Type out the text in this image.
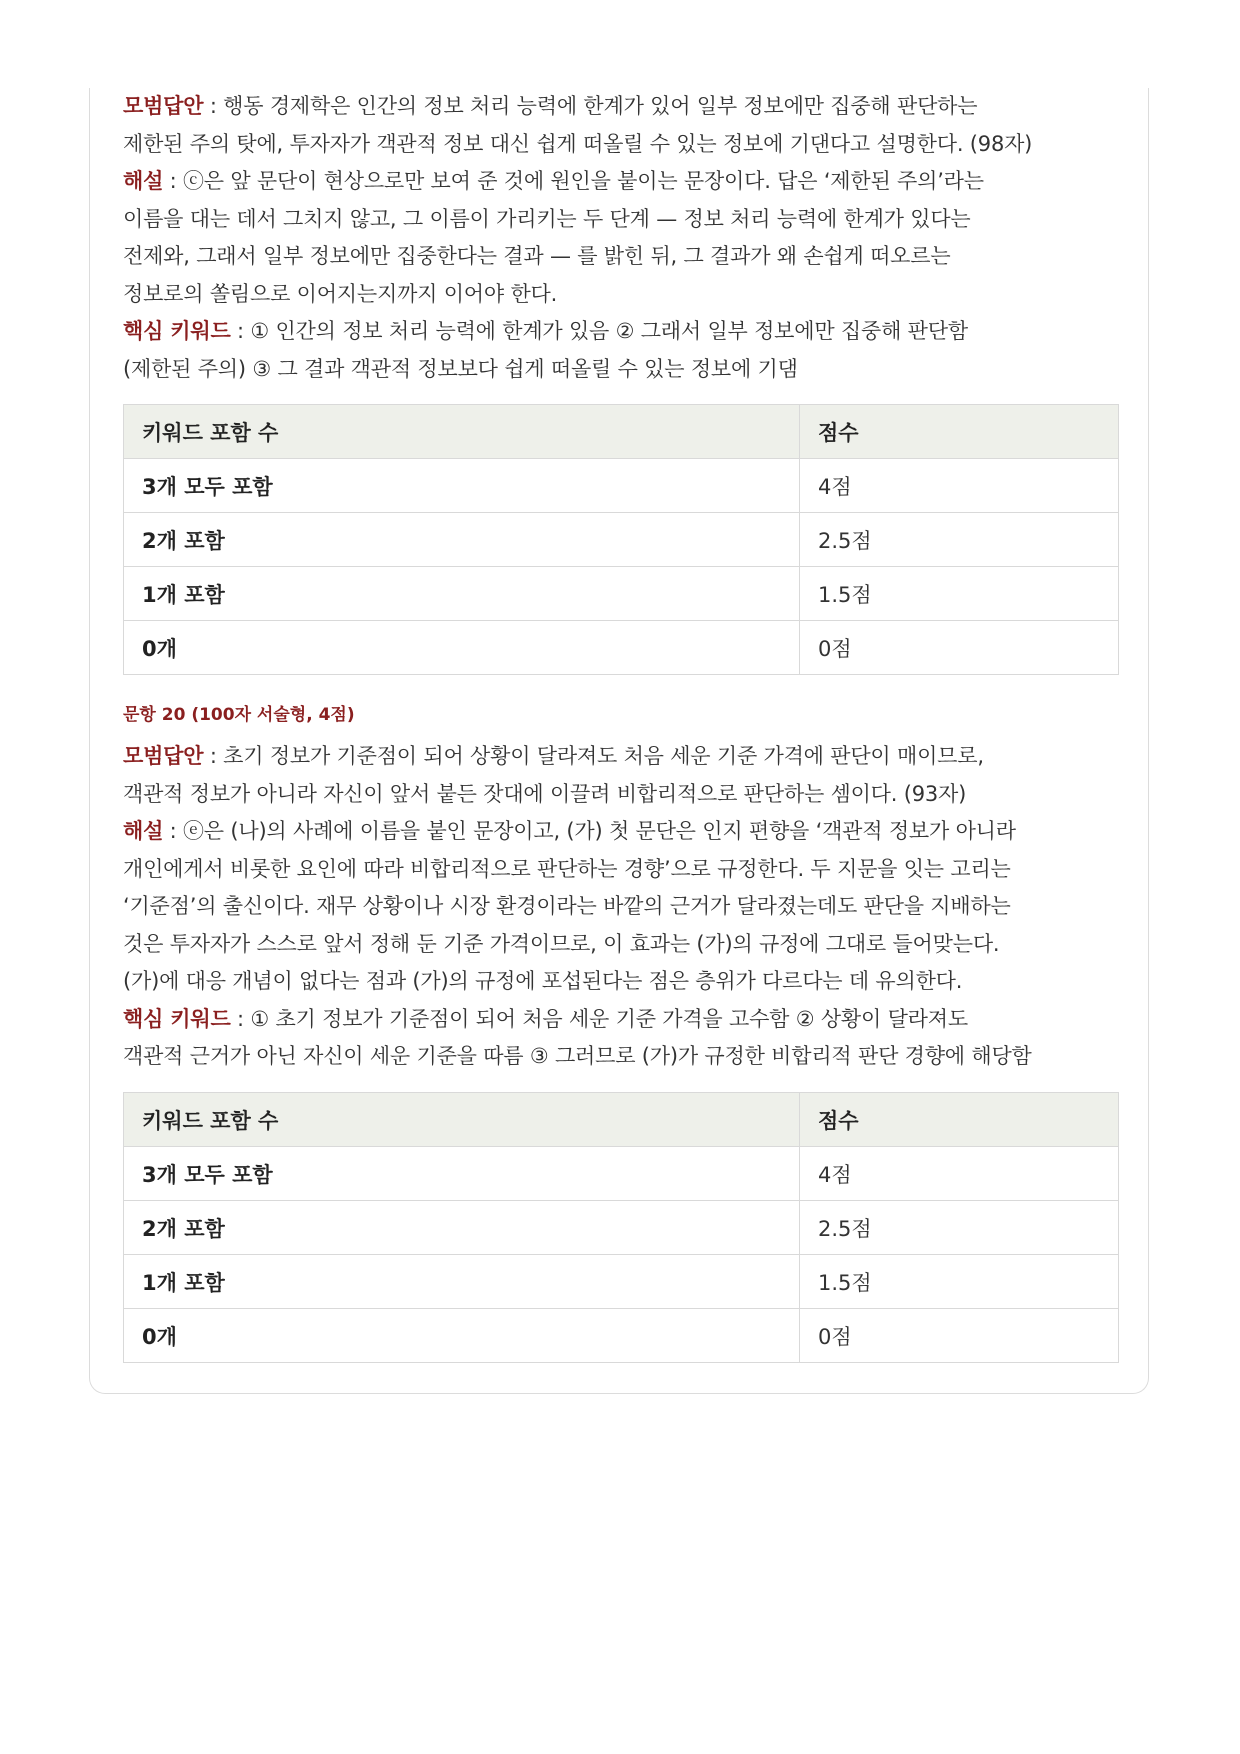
모범답안 : 행동 경제학은 인간의 정보 처리 능력에 한계가 있어 일부 정보에만 집중해 판단하는
제한된 주의 탓에, 투자자가 객관적 정보 대신 쉽게 떠올릴 수 있는 정보에 기댄다고 설명한다. (98자)

해설 : ⓒ은 앞 문단이 현상으로만 보여 준 것에 원인을 붙이는 문장이다. 답은 ‘제한된 주의’라는
이름을 대는 데서 그치지 않고, 그 이름이 가리키는 두 단계 — 정보 처리 능력에 한계가 있다는
전제와, 그래서 일부 정보에만 집중한다는 결과 — 를 밝힌 뒤, 그 결과가 왜 손쉽게 떠오르는
정보로의 쏠림으로 이어지는지까지 이어야 한다.

핵심 키워드 : ① 인간의 정보 처리 능력에 한계가 있음 ② 그래서 일부 정보에만 집중해 판단함
(제한된 주의) ③ 그 결과 객관적 정보보다 쉽게 떠올릴 수 있는 정보에 기댐

키워드 포함 수	점수
3개 모두 포함	4점
2개 포함	2.5점
1개 포함	1.5점
0개	0점

문항 20 (100자 서술형, 4점)

모범답안 : 초기 정보가 기준점이 되어 상황이 달라져도 처음 세운 기준 가격에 판단이 매이므로,
객관적 정보가 아니라 자신이 앞서 붙든 잣대에 이끌려 비합리적으로 판단하는 셈이다. (93자)

해설 : ⓔ은 (나)의 사례에 이름을 붙인 문장이고, (가) 첫 문단은 인지 편향을 ‘객관적 정보가 아니라
개인에게서 비롯한 요인에 따라 비합리적으로 판단하는 경향’으로 규정한다. 두 지문을 잇는 고리는
‘기준점’의 출신이다. 재무 상황이나 시장 환경이라는 바깥의 근거가 달라졌는데도 판단을 지배하는
것은 투자자가 스스로 앞서 정해 둔 기준 가격이므로, 이 효과는 (가)의 규정에 그대로 들어맞는다.
(가)에 대응 개념이 없다는 점과 (가)의 규정에 포섭된다는 점은 층위가 다르다는 데 유의한다.

핵심 키워드 : ① 초기 정보가 기준점이 되어 처음 세운 기준 가격을 고수함 ② 상황이 달라져도
객관적 근거가 아닌 자신이 세운 기준을 따름 ③ 그러므로 (가)가 규정한 비합리적 판단 경향에 해당함

키워드 포함 수	점수
3개 모두 포함	4점
2개 포함	2.5점
1개 포함	1.5점
0개	0점
